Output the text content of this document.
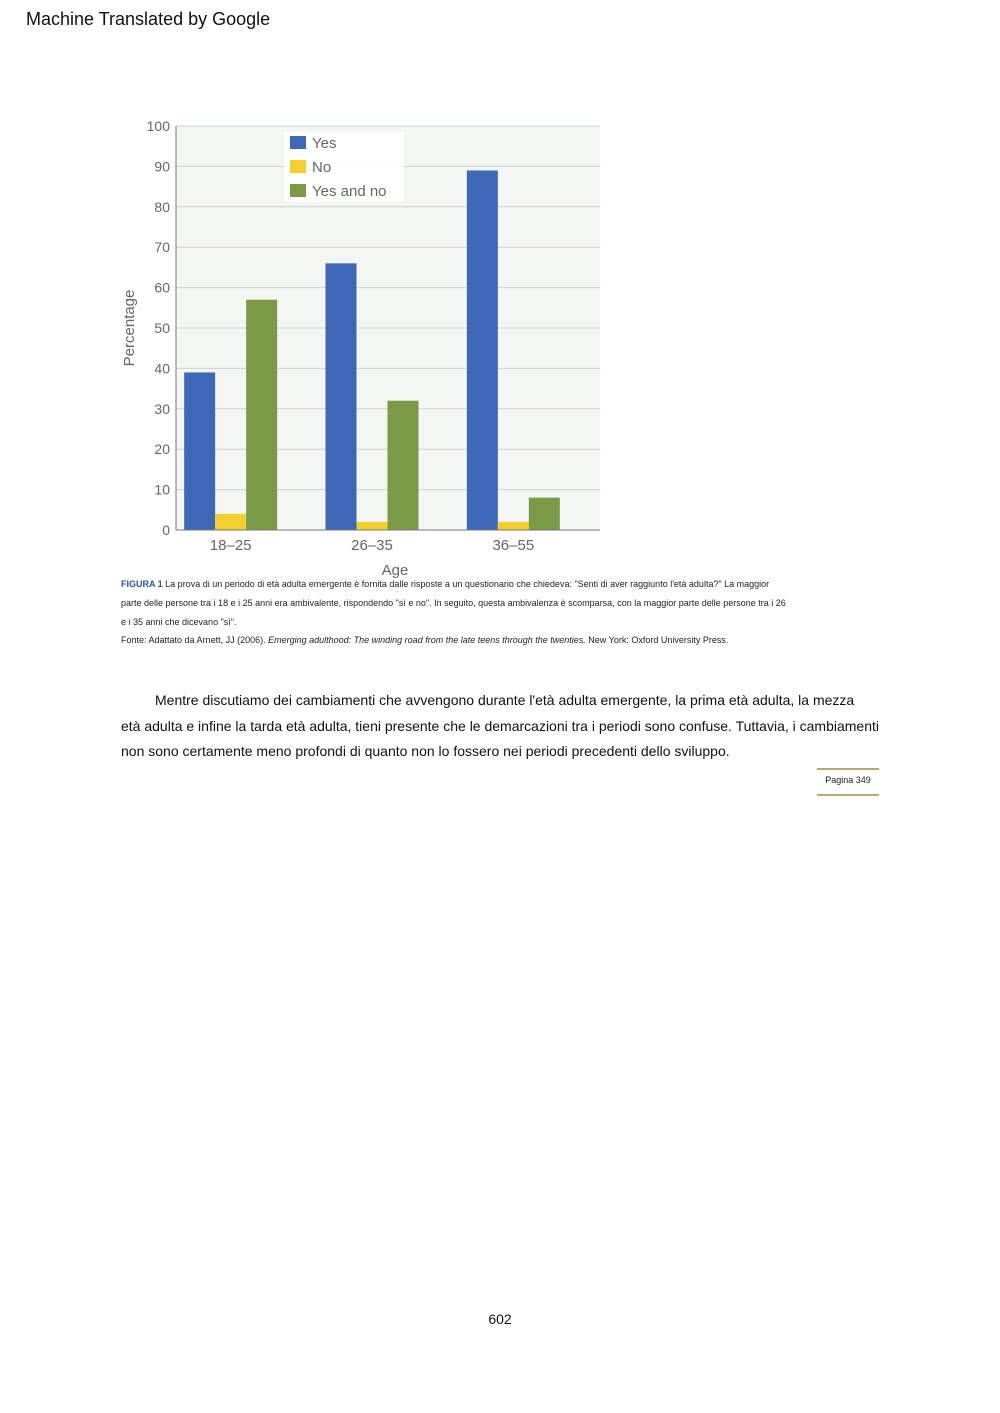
Machine Translated by Google
0
10
20
30
40
50
60
70
80
90
100
18–25	26–35	36–55
Yes
No
Yes and no
Age
Percentage
FIGURA 1 La prova di un periodo di età adulta emergente è fornita dalle risposte a un questionario che chiedeva: "Senti di aver raggiunto l'età adulta?" La maggior
parte delle persone tra i 18 e i 25 anni era ambivalente, rispondendo "sì e no". In seguito, questa ambivalenza è scomparsa, con la maggior parte delle persone tra i 26
e i 35 anni che dicevano "sì".
Fonte: Adattato da Arnett, JJ (2006). Emerging adulthood: The winding road from the late teens through the twenties. New York: Oxford University Press.
Mentre discutiamo dei cambiamenti che avvengono durante l'età adulta emergente, la prima età adulta, la mezza
età adulta e infine la tarda età adulta, tieni presente che le demarcazioni tra i periodi sono confuse. Tuttavia, i cambiamenti
non sono certamente meno profondi di quanto non lo fossero nei periodi precedenti dello sviluppo.
Pagina 349
602
